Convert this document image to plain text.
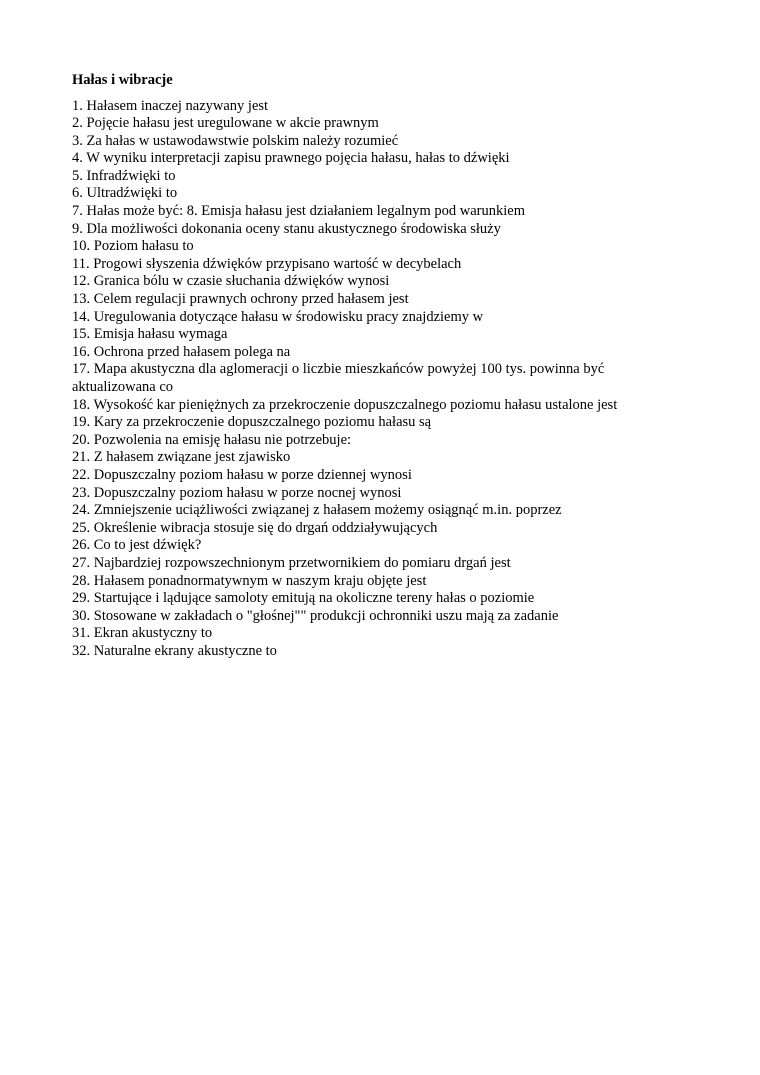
Hałas i wibracje
1. Hałasem inaczej nazywany jest
2. Pojęcie hałasu jest uregulowane w akcie prawnym
3. Za hałas w ustawodawstwie polskim należy rozumieć
4. W wyniku interpretacji zapisu prawnego pojęcia hałasu, hałas to dźwięki
5. Infradźwięki to
6. Ultradźwięki to
7. Hałas może być: 8. Emisja hałasu jest działaniem legalnym pod warunkiem
9. Dla możliwości dokonania oceny stanu akustycznego środowiska służy
10. Poziom hałasu to
11. Progowi słyszenia dźwięków przypisano wartość w decybelach
12. Granica bólu w czasie słuchania dźwięków wynosi
13. Celem regulacji prawnych ochrony przed hałasem jest
14. Uregulowania dotyczące hałasu w środowisku pracy znajdziemy w
15. Emisja hałasu wymaga
16. Ochrona przed hałasem polega na
17. Mapa akustyczna dla aglomeracji o liczbie mieszkańców powyżej 100 tys. powinna być aktualizowana co
18. Wysokość kar pieniężnych za przekroczenie dopuszczalnego poziomu hałasu ustalone jest
19. Kary za przekroczenie dopuszczalnego poziomu hałasu są
20. Pozwolenia na emisję hałasu nie potrzebuje:
21. Z hałasem związane jest zjawisko
22. Dopuszczalny poziom hałasu w porze dziennej wynosi
23. Dopuszczalny poziom hałasu w porze nocnej wynosi
24. Zmniejszenie uciążliwości związanej z hałasem możemy osiągnąć m.in. poprzez
25. Określenie wibracja stosuje się do drgań oddziaływujących
26. Co to jest dźwięk?
27. Najbardziej rozpowszechnionym przetwornikiem do pomiaru drgań jest
28. Hałasem ponadnormatywnym w naszym kraju objęte jest
29. Startujące i lądujące samoloty emitują na okoliczne tereny hałas o poziomie
30. Stosowane w zakładach o "głośnej"" produkcji ochronniki uszu mają za zadanie
31. Ekran akustyczny to
32. Naturalne ekrany akustyczne to
